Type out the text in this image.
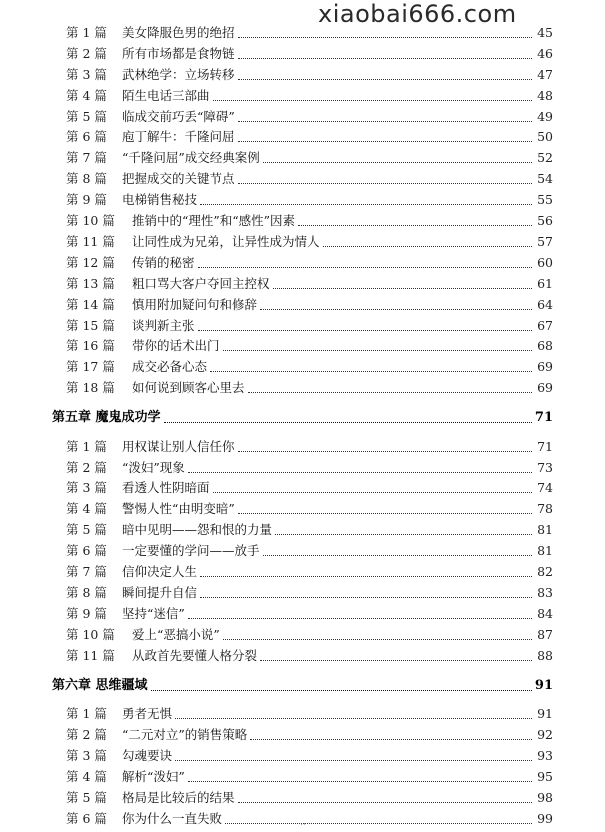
第 1 篇	美女降服色男的绝招	45
第 2 篇	所有市场都是食物链	46
第 3 篇	武林绝学：立场转移	47
第 4 篇	陌生电话三部曲	48
第 5 篇	临成交前巧丢“障碍”	49
第 6 篇	庖丁解牛：千隆问屈	50
第 7 篇	“千隆问屈”成交经典案例	52
第 8 篇	把握成交的关键节点	54
第 9 篇	电梯销售秘技	55
第 10 篇	推销中的“理性”和“感性”因素	56
第 11 篇	让同性成为兄弟，让异性成为情人	57
第 12 篇	传销的秘密	60
第 13 篇	粗口骂大客户夺回主控权	61
第 14 篇	慎用附加疑问句和修辞	64
第 15 篇	谈判新主张	67
第 16 篇	带你的话术出门	68
第 17 篇	成交必备心态	69
第 18 篇	如何说到顾客心里去	69
第五章 魔鬼成功学	71
第 1 篇	用权谋让别人信任你	71
第 2 篇	“泼妇”现象	73
第 3 篇	看透人性阴暗面	74
第 4 篇	警惕人性“由明变暗”	78
第 5 篇	暗中见明——怨和恨的力量	81
第 6 篇	一定要懂的学问——放手	81
第 7 篇	信仰决定人生	82
第 8 篇	瞬间提升自信	83
第 9 篇	坚持“迷信”	84
第 10 篇	爱上“恶搞小说”	87
第 11 篇	从政首先要懂人格分裂	88
第六章 思维疆域	91
第 1 篇	勇者无惧	91
第 2 篇	“二元对立”的销售策略	92
第 3 篇	勾魂要诀	93
第 4 篇	解析“泼妇”	95
第 5 篇	格局是比较后的结果	98
第 6 篇	你为什么一直失败	99
xiaobai666.com
··
